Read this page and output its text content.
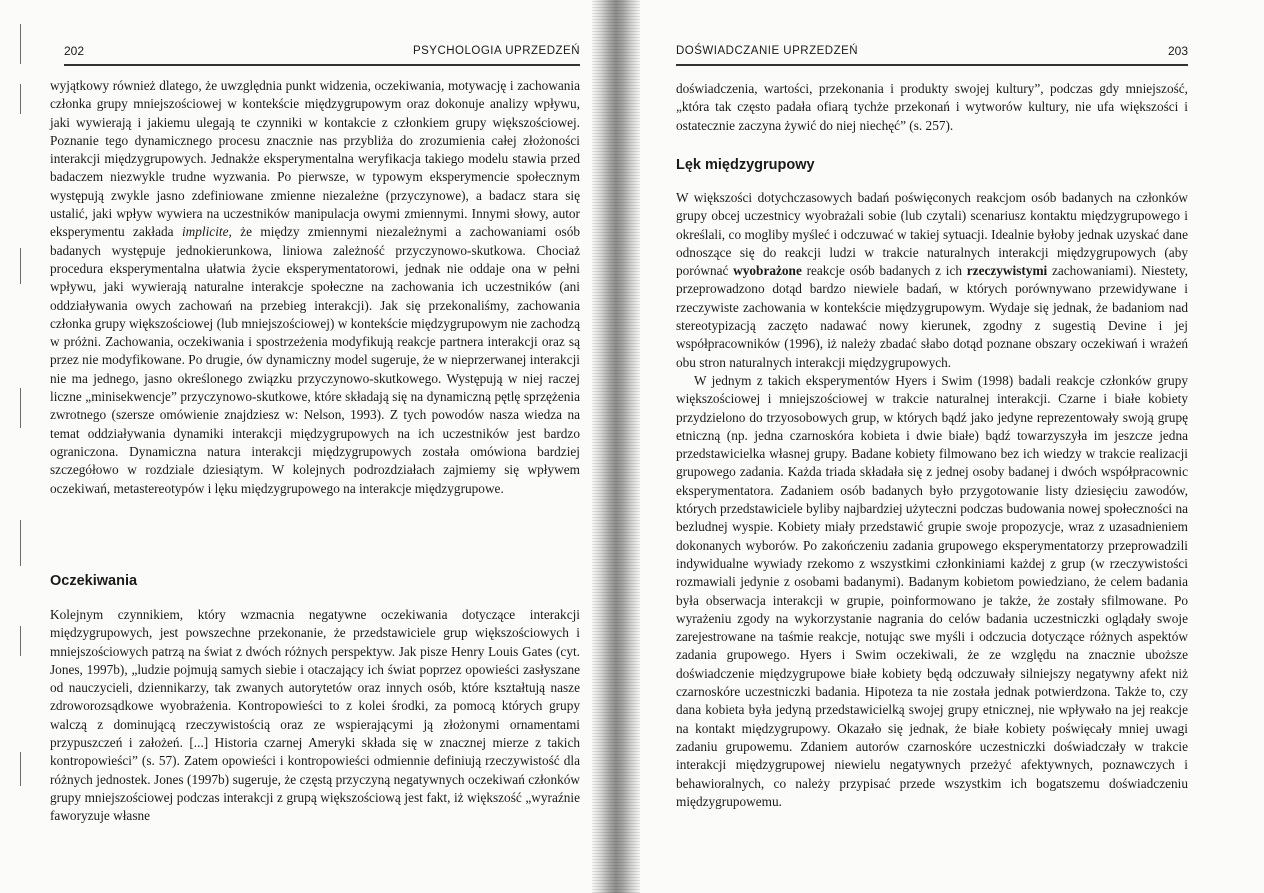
202	PSYCHOLOGIA UPRZEDZEŃ

wyjątkowy również dlatego, że uwzględnia punkt widzenia, oczekiwania, motywację i zachowania członka grupy mniejszościowej w kontekście międzygrupowym oraz dokonuje analizy wpływu, jaki wywierają i jakiemu ulegają te czynniki w kontakcie z członkiem grupy większościowej. Poznanie tego dynamicznego procesu znacznie nas przybliża do zrozumienia całej złożoności interakcji międzygrupowych. Jednakże eksperymentalna weryfikacja takiego modelu stawia przed badaczem niezwykle trudne wyzwania. Po pierwsze, w typowym eksperymencie społecznym występują zwykle jasno zdefiniowane zmienne niezależne (przyczynowe), a badacz stara się ustalić, jaki wpływ wywiera na uczestników manipulacja owymi zmiennymi. Innymi słowy, autor eksperymentu zakłada implicite, że między zmiennymi niezależnymi a zachowaniami osób badanych występuje jednokierunkowa, liniowa zależność przyczynowo-skutkowa. Chociaż procedura eksperymentalna ułatwia życie eksperymentatorowi, jednak nie oddaje ona w pełni wpływu, jaki wywierają naturalne interakcje społeczne na zachowania ich uczestników (ani oddziaływania owych zachowań na przebieg interakcji). Jak się przekonaliśmy, zachowania członka grupy większościowej (lub mniejszościowej) w kontekście międzygrupowym nie zachodzą w próżni. Zachowania, oczekiwania i spostrzeżenia modyfikują reakcje partnera interakcji oraz są przez nie modyfikowane. Po drugie, ów dynamiczny model sugeruje, że w nieprzerwanej interakcji nie ma jednego, jasno określonego związku przyczynowo-skutkowego. Występują w niej raczej liczne „minisekwencje” przyczynowo-skutkowe, które składają się na dynamiczną pętlę sprzężenia zwrotnego (szersze omówienie znajdziesz w: Nelson, 1993). Z tych powodów nasza wiedza na temat oddziaływania dynamiki interakcji międzygrupowych na ich uczestników jest bardzo ograniczona. Dynamiczna natura interakcji międzygrupowych została omówiona bardziej szczegółowo w rozdziale dziesiątym. W kolejnych podrozdziałach zajmiemy się wpływem oczekiwań, metastereotypów i lęku międzygrupowego na interakcje międzygrupowe.

Oczekiwania

Kolejnym czynnikiem, który wzmacnia negatywne oczekiwania dotyczące interakcji międzygrupowych, jest powszechne przekonanie, że przedstawiciele grup większościowych i mniejszościowych patrzą na świat z dwóch różnych perspektyw. Jak pisze Henry Louis Gates (cyt. Jones, 1997b), „ludzie pojmują samych siebie i otaczający ich świat poprzez opowieści zasłyszane od nauczycieli, dziennikarzy, tak zwanych autorytetów oraz innych osób, które kształtują nasze zdroworozsądkowe wyobrażenia. Kontropowieści to z kolei środki, za pomocą których grupy walczą z dominującą rzeczywistością oraz ze wspierającymi ją złożonymi ornamentami przypuszczeń i założeń. [...] Historia czarnej Ameryki składa się w znacznej mierze z takich kontropowieści” (s. 57). Zatem opowieści i kontropowieści odmiennie definiują rzeczywistość dla różnych jednostek. Jones (1997b) sugeruje, że częstą przyczyną negatywnych oczekiwań członków grupy mniejszościowej podczas interakcji z grupą większościową jest fakt, iż większość „wyraźnie faworyzuje własne

DOŚWIADCZANIE UPRZEDZEŃ	203

doświadczenia, wartości, przekonania i produkty swojej kultury”, podczas gdy mniejszość, „która tak często padała ofiarą tychże przekonań i wytworów kultury, nie ufa większości i ostatecznie zaczyna żywić do niej niechęć” (s. 257).

Lęk międzygrupowy

W większości dotychczasowych badań poświęconych reakcjom osób badanych na członków grupy obcej uczestnicy wyobrażali sobie (lub czytali) scenariusz kontaktu międzygrupowego i określali, co mogliby myśleć i odczuwać w takiej sytuacji. Idealnie byłoby jednak uzyskać dane odnoszące się do reakcji ludzi w trakcie naturalnych interakcji międzygrupowych (aby porównać wyobrażone reakcje osób badanych z ich rzeczywistymi zachowaniami). Niestety, przeprowadzono dotąd bardzo niewiele badań, w których porównywano przewidywane i rzeczywiste zachowania w kontekście międzygrupowym. Wydaje się jednak, że badaniom nad stereotypizacją zaczęto nadawać nowy kierunek, zgodny z sugestią Devine i jej współpracowników (1996), iż należy zbadać słabo dotąd poznane obszary oczekiwań i wrażeń obu stron naturalnych interakcji międzygrupowych.

W jednym z takich eksperymentów Hyers i Swim (1998) badali reakcje członków grupy większościowej i mniejszościowej w trakcie naturalnej interakcji. Czarne i białe kobiety przydzielono do trzyosobowych grup, w których bądź jako jedyne reprezentowały swoją grupę etniczną (np. jedna czarnoskóra kobieta i dwie białe) bądź towarzyszyła im jeszcze jedna przedstawicielka własnej grupy. Badane kobiety filmowano bez ich wiedzy w trakcie realizacji grupowego zadania. Każda triada składała się z jednej osoby badanej i dwóch współpracownic eksperymentatora. Zadaniem osób badanych było przygotowanie listy dziesięciu zawodów, których przedstawiciele byliby najbardziej użyteczni podczas budowania nowej społeczności na bezludnej wyspie. Kobiety miały przedstawić grupie swoje propozycje, wraz z uzasadnieniem dokonanych wyborów. Po zakończeniu zadania grupowego eksperymentatorzy przeprowadzili indywidualne wywiady rzekomo z wszystkimi członkiniami każdej z grup (w rzeczywistości rozmawiali jedynie z osobami badanymi). Badanym kobietom powiedziano, że celem badania była obserwacja interakcji w grupie, poinformowano je także, że zostały sfilmowane. Po wyrażeniu zgody na wykorzystanie nagrania do celów badania uczestniczki oglądały swoje zarejestrowane na taśmie reakcje, notując swe myśli i odczucia dotyczące różnych aspektów zadania grupowego. Hyers i Swim oczekiwali, że ze względu na znacznie uboższe doświadczenie międzygrupowe białe kobiety będą odczuwały silniejszy negatywny afekt niż czarnoskóre uczestniczki badania. Hipoteza ta nie została jednak potwierdzona. Także to, czy dana kobieta była jedyną przedstawicielką swojej grupy etnicznej, nie wpływało na jej reakcje na kontakt międzygrupowy. Okazało się jednak, że białe kobiety poświęcały mniej uwagi zadaniu grupowemu. Zdaniem autorów czarnoskóre uczestniczki doświadczały w trakcie interakcji międzygrupowej niewielu negatywnych przeżyć afektywnych, poznawczych i behawioralnych, co należy przypisać przede wszystkim ich bogatszemu doświadczeniu międzygrupowemu.
